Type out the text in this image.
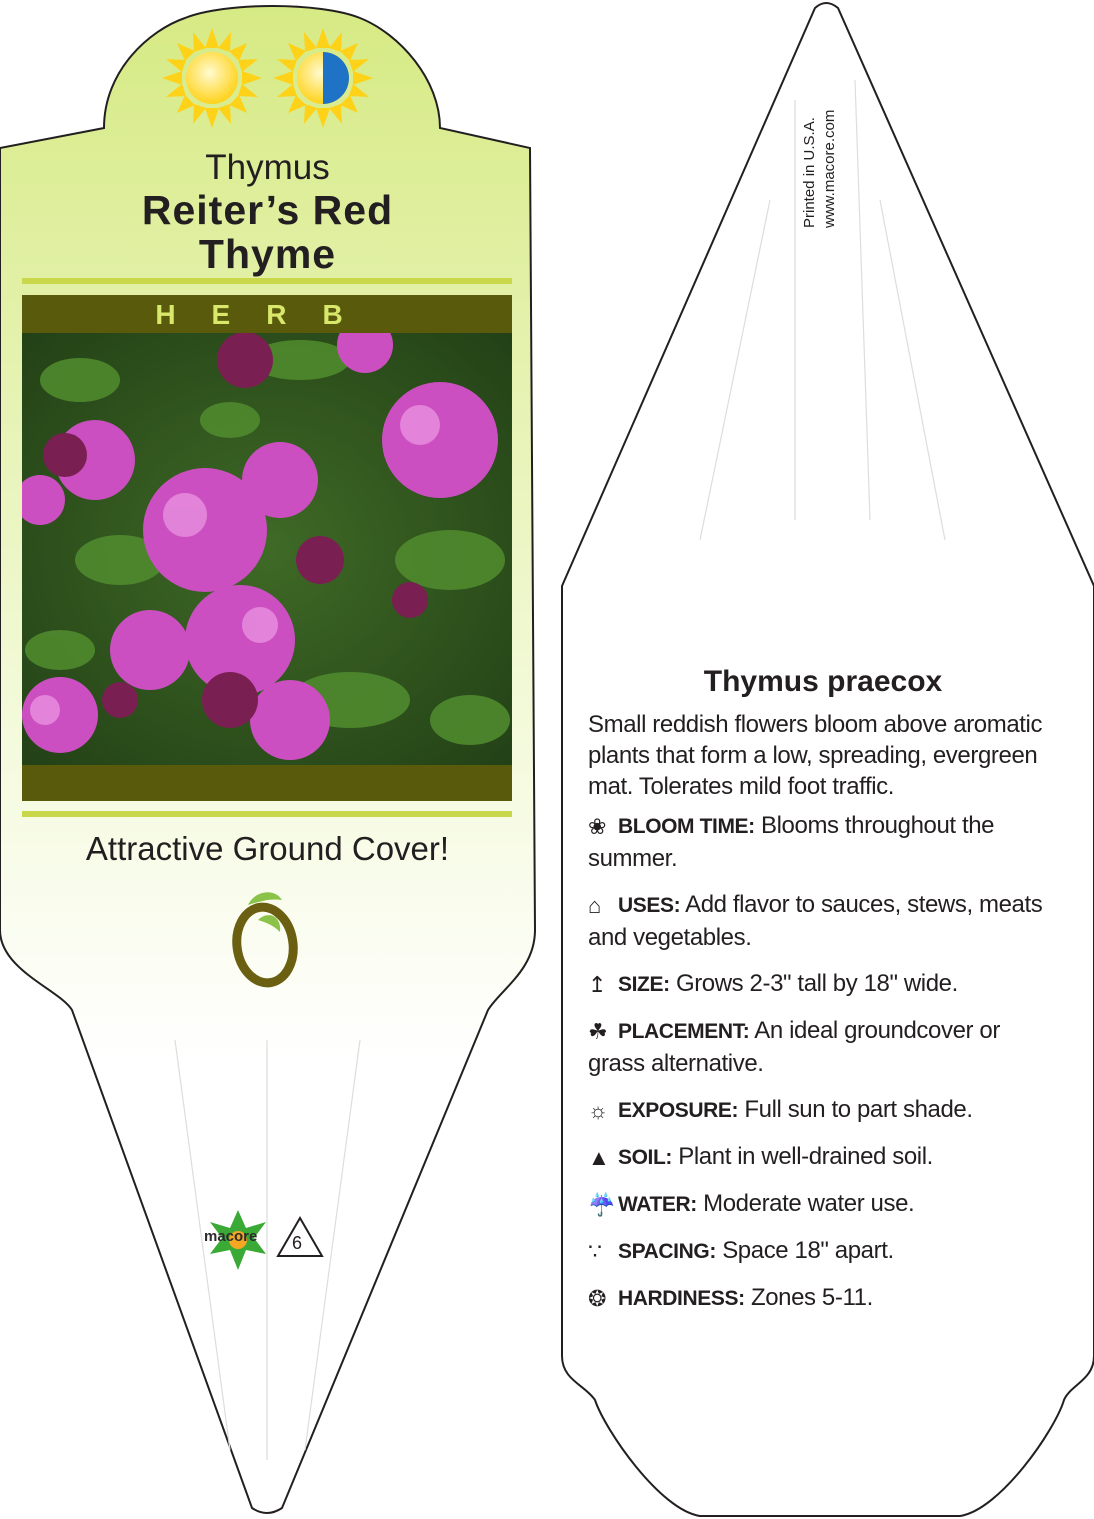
Thymus
Reiter’s Red
Thyme
HERB
Attractive Ground Cover!
macore 6
Printed in U.S.A. www.macore.com
Thymus praecox
Small reddish flowers bloom above aromatic plants that form a low, spreading, evergreen mat. Tolerates mild foot traffic.
❀ BLOOM TIME: Blooms throughout the summer.
⌂ USES: Add flavor to sauces, stews, meats and vegetables.
↥ SIZE: Grows 2-3" tall by 18" wide.
☘ PLACEMENT: An ideal groundcover or grass alternative.
☼ EXPOSURE: Full sun to part shade.
▲ SOIL: Plant in well-drained soil.
☔ WATER: Moderate water use.
∵ SPACING: Space 18" apart.
❂ HARDINESS: Zones 5-11.
